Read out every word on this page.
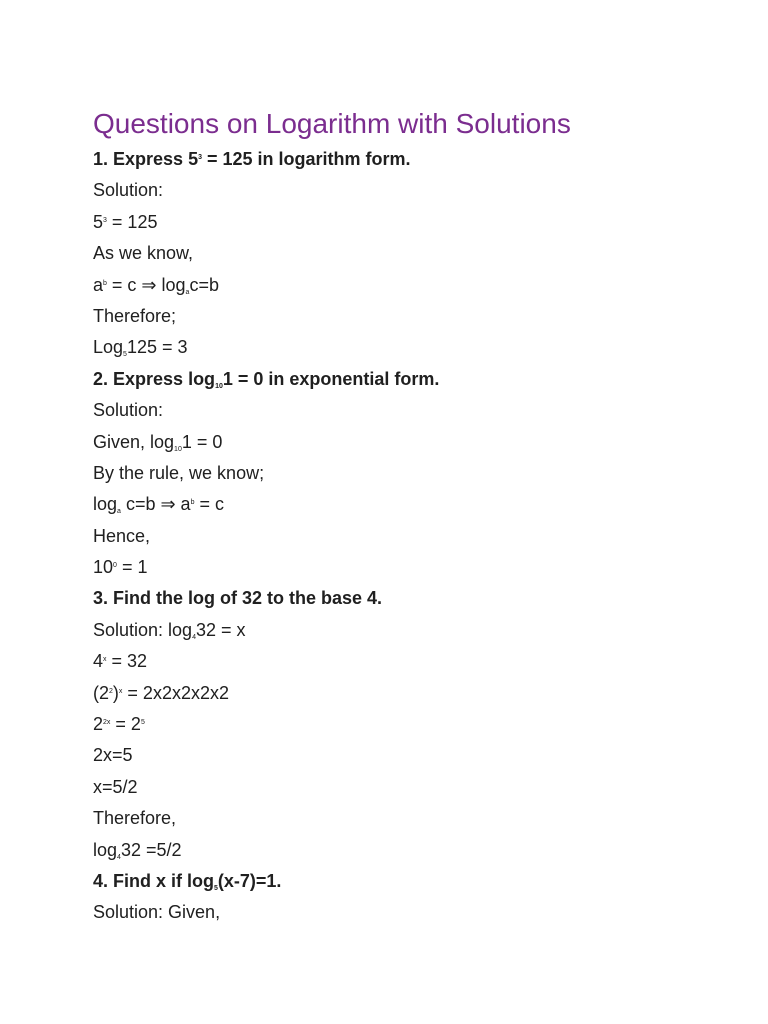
Questions on Logarithm with Solutions
1. Express $5^3 = 125$ in logarithm form.
Solution:
$5^3 = 125$
As we know,
$a^b = c$ ⇒ logac=b
Therefore;
Log5125 = 3
2. Express log101 = 0 in exponential form.
Solution:
Given, log101 = 0
By the rule, we know;
loga c=b ⇒ $a^b = c$
Hence,
$10^0 = 1$
3. Find the log of 32 to the base 4.
Solution: log432 = x
$4^x = 32$
$(2^2)^x = 2x2x2x2x2$
$2^{2x} = 2^5$
2x=5
x=5/2
Therefore,
log432 =5/2
4. Find x if log5(x-7)=1.
Solution: Given,
